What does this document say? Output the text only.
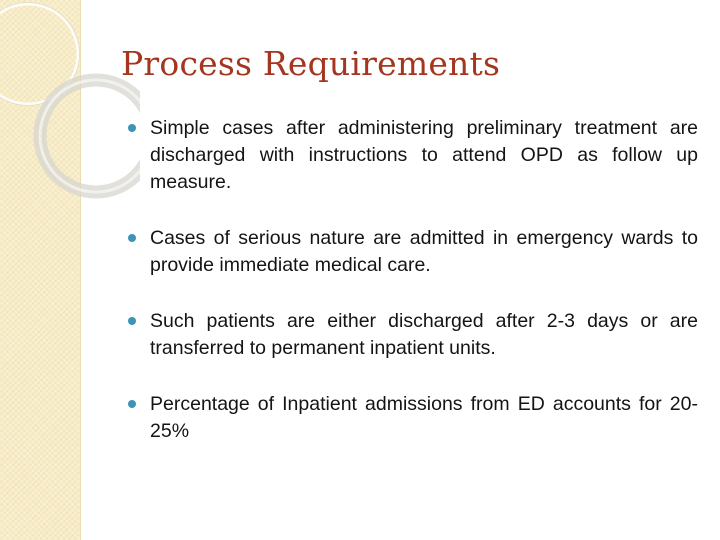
Process Requirements
Simple cases after administering preliminary treatment are discharged with instructions to attend OPD as follow up measure.
Cases of serious nature are admitted in emergency wards to provide immediate medical care.
Such patients are either discharged after 2-3 days or are transferred to permanent inpatient units.
Percentage of Inpatient admissions from ED accounts for 20-25%
